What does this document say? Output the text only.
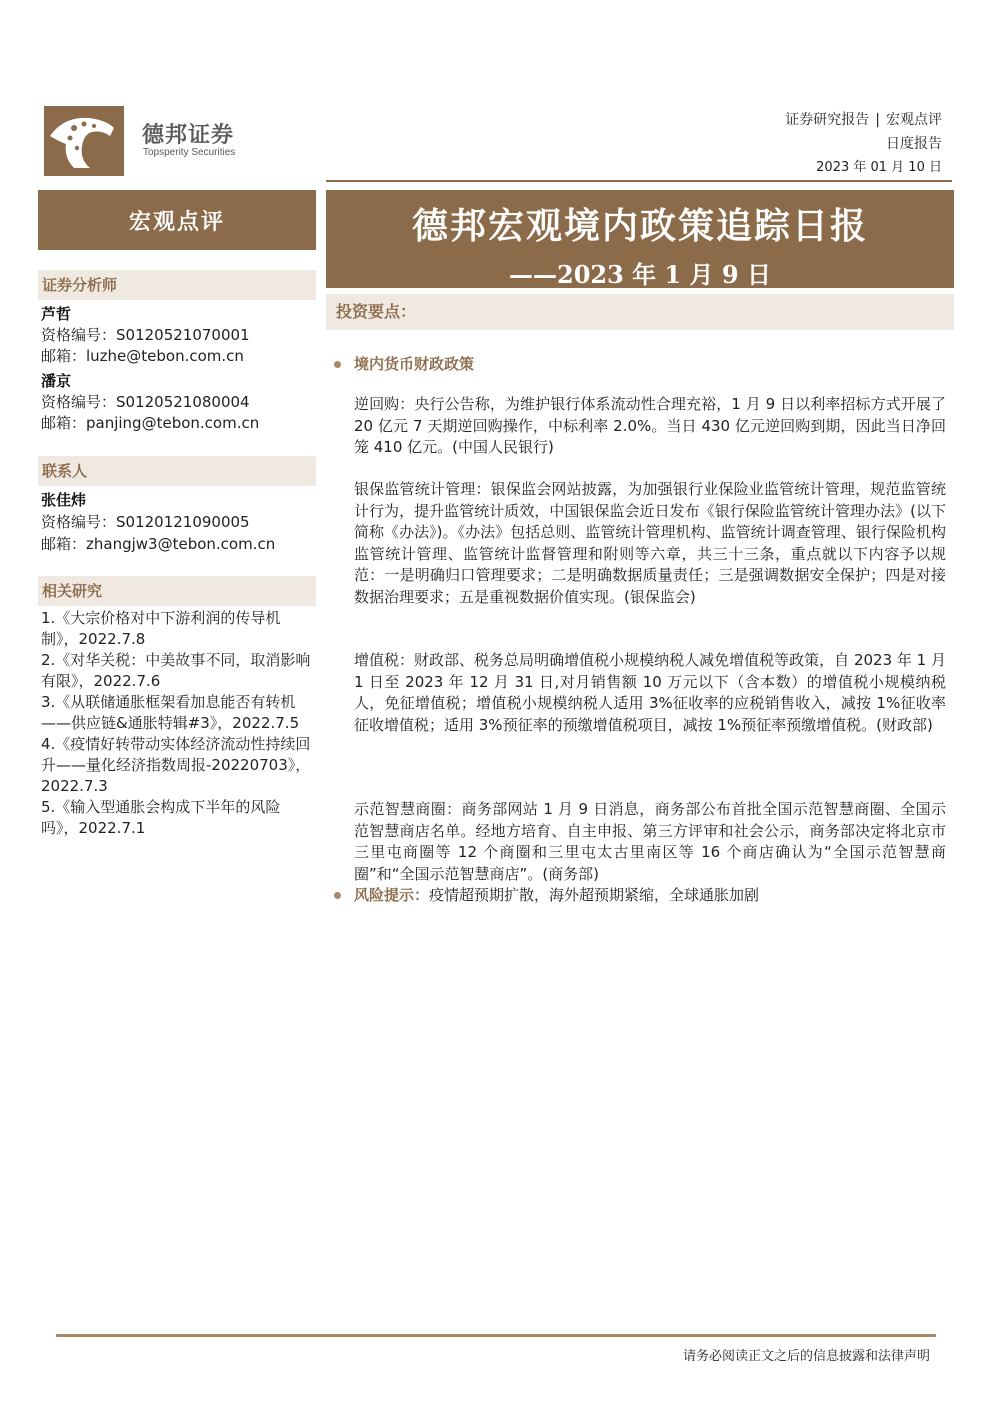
德邦证券
Topsperity Securities
证券研究报告 | 宏观点评
日度报告
2023 年 01 月 10 日
宏观点评	德邦宏观境内政策追踪日报
——2023 年 1 月 9 日
证券分析师
芦哲
资格编号：S0120521070001
邮箱：luzhe@tebon.com.cn
潘京
资格编号：S0120521080004
邮箱：panjing@tebon.com.cn
联系人
张佳炜
资格编号：S0120121090005
邮箱：zhangjw3@tebon.com.cn
相关研究
1.《大宗价格对中下游利润的传导机制》，2022.7.8
2.《对华关税：中美故事不同，取消影响有限》，2022.7.6
3.《从联储通胀框架看加息能否有转机——供应链&通胀特辑#3》，2022.7.5
4.《疫情好转带动实体经济流动性持续回升——量化经济指数周报-20220703》，2022.7.3
5.《输入型通胀会构成下半年的风险吗》，2022.7.1
投资要点：
境内货币财政政策
逆回购：央行公告称，为维护银行体系流动性合理充裕，1 月 9 日以利率招标方式开展了 20 亿元 7 天期逆回购操作，中标利率 2.0%。当日 430 亿元逆回购到期，因此当日净回笼 410 亿元。(中国人民银行)
银保监管统计管理：银保监会网站披露，为加强银行业保险业监管统计管理，规范监管统计行为，提升监管统计质效，中国银保监会近日发布《银行保险监管统计管理办法》(以下简称《办法》)。《办法》包括总则、监管统计管理机构、监管统计调查管理、银行保险机构监管统计管理、监管统计监督管理和附则等六章，共三十三条，重点就以下内容予以规范：一是明确归口管理要求；二是明确数据质量责任；三是强调数据安全保护；四是对接数据治理要求；五是重视数据价值实现。(银保监会)
增值税：财政部、税务总局明确增值税小规模纳税人减免增值税等政策，自 2023 年 1 月 1 日至 2023 年 12 月 31 日,对月销售额 10 万元以下（含本数）的增值税小规模纳税人，免征增值税；增值税小规模纳税人适用 3%征收率的应税销售收入，减按 1%征收率征收增值税；适用 3%预征率的预缴增值税项目，减按 1%预征率预缴增值税。(财政部)
示范智慧商圈：商务部网站 1 月 9 日消息，商务部公布首批全国示范智慧商圈、全国示范智慧商店名单。经地方培育、自主申报、第三方评审和社会公示，商务部决定将北京市三里屯商圈等 12 个商圈和三里屯太古里南区等 16 个商店确认为“全国示范智慧商圈”和“全国示范智慧商店”。(商务部)
风险提示：疫情超预期扩散，海外超预期紧缩，全球通胀加剧
请务必阅读正文之后的信息披露和法律声明
